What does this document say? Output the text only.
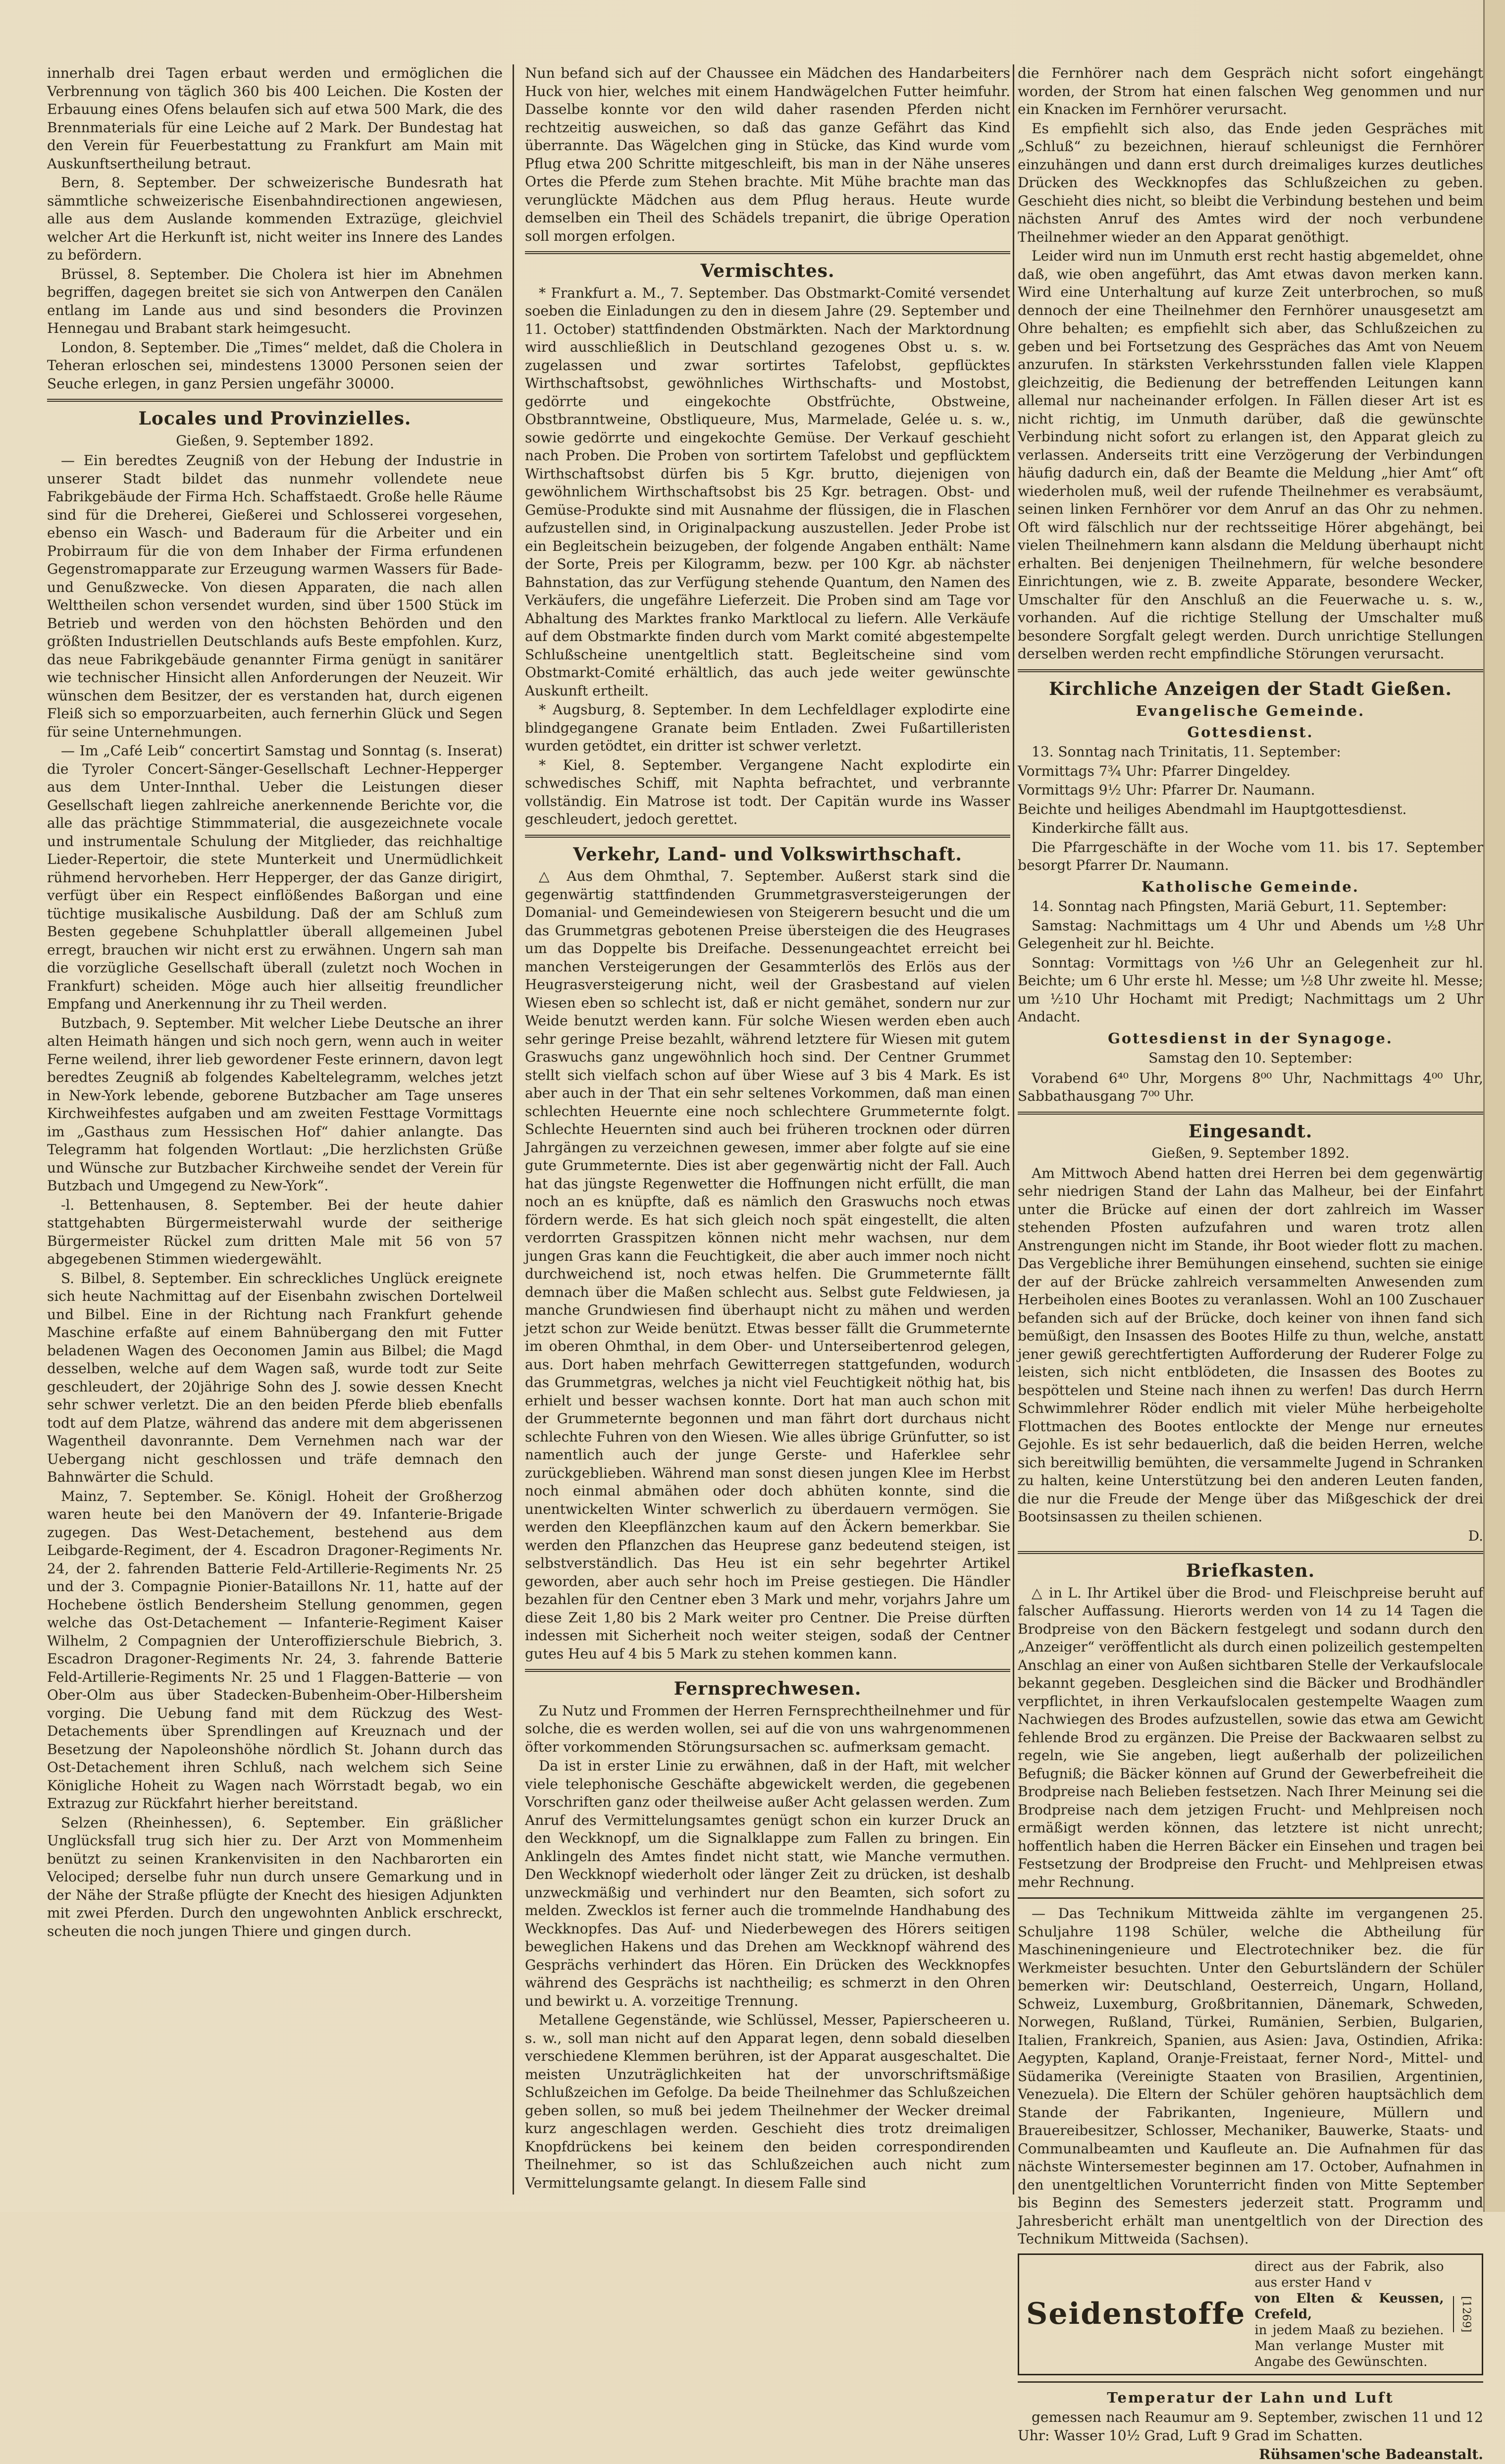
innerhalb drei Tagen erbaut werden und ermöglichen die Verbrennung von täglich 360 bis 400 Leichen. Die Kosten der Erbauung eines Ofens belaufen sich auf etwa 500 Mark, die des Brennmaterials für eine Leiche auf 2 Mark. Der Bundestag hat den Verein für Feuerbestattung zu Frankfurt am Main mit Auskunftsertheilung betraut.

Bern, 8. September. Der schweizerische Bundesrath hat sämmtliche schweizerische Eisenbahndirectionen angewiesen, alle aus dem Auslande kommenden Extrazüge, gleichviel welcher Art die Herkunft ist, nicht weiter ins Innere des Landes zu befördern.

Brüssel, 8. September. Die Cholera ist hier im Abnehmen begriffen, dagegen breitet sie sich von Antwerpen den Canälen entlang im Lande aus und sind besonders die Provinzen Hennegau und Brabant stark heimgesucht.

London, 8. September. Die „Times“ meldet, daß die Cholera in Teheran erloschen sei, mindestens 13000 Personen seien der Seuche erlegen, in ganz Persien ungefähr 30000.

Locales und Provinzielles.
Gießen, 9. September 1892.

— Ein beredtes Zeugniß von der Hebung der Industrie in unserer Stadt bildet das nunmehr vollendete neue Fabrikgebäude der Firma Hch. Schaffstaedt. Große helle Räume sind für die Dreherei, Gießerei und Schlosserei vorgesehen, ebenso ein Wasch- und Baderaum für die Arbeiter und ein Probirraum für die von dem Inhaber der Firma erfundenen Gegenstromapparate zur Erzeugung warmen Wassers für Bade- und Genußzwecke. Von diesen Apparaten, die nach allen Welttheilen schon versendet wurden, sind über 1500 Stück im Betrieb und werden von den höchsten Behörden und den größten Industriellen Deutschlands aufs Beste empfohlen. Kurz, das neue Fabrikgebäude genannter Firma genügt in sanitärer wie technischer Hinsicht allen Anforderungen der Neuzeit. Wir wünschen dem Besitzer, der es verstanden hat, durch eigenen Fleiß sich so emporzuarbeiten, auch fernerhin Glück und Segen für seine Unternehmungen.

— Im „Café Leib“ concertirt Samstag und Sonntag (s. Inserat) die Tyroler Concert-Sänger-Gesellschaft Lechner-Hepperger aus dem Unter-Innthal. Ueber die Leistungen dieser Gesellschaft liegen zahlreiche anerkennende Berichte vor, die alle das prächtige Stimmmaterial, die ausgezeichnete vocale und instrumentale Schulung der Mitglieder, das reichhaltige Lieder-Repertoir, die stete Munterkeit und Unermüdlichkeit rühmend hervorheben. Herr Hepperger, der das Ganze dirigirt, verfügt über ein Respect einflößendes Baßorgan und eine tüchtige musikalische Ausbildung. Daß der am Schluß zum Besten gegebene Schuhplattler überall allgemeinen Jubel erregt, brauchen wir nicht erst zu erwähnen. Ungern sah man die vorzügliche Gesellschaft überall (zuletzt noch Wochen in Frankfurt) scheiden. Möge auch hier allseitig freundlicher Empfang und Anerkennung ihr zu Theil werden.

Butzbach, 9. September. Mit welcher Liebe Deutsche an ihrer alten Heimath hängen und sich noch gern, wenn auch in weiter Ferne weilend, ihrer lieb gewordener Feste erinnern, davon legt beredtes Zeugniß ab folgendes Kabeltelegramm, welches jetzt in New-York lebende, geborene Butzbacher am Tage unseres Kirchweihfestes aufgaben und am zweiten Festtage Vormittags im „Gasthaus zum Hessischen Hof“ dahier anlangte. Das Telegramm hat folgenden Wortlaut: „Die herzlichsten Grüße und Wünsche zur Butzbacher Kirchweihe sendet der Verein für Butzbach und Umgegend zu New-York“.

-l. Bettenhausen, 8. September. Bei der heute dahier stattgehabten Bürgermeisterwahl wurde der seitherige Bürgermeister Rückel zum dritten Male mit 56 von 57 abgegebenen Stimmen wiedergewählt.

S. Bilbel, 8. September. Ein schreckliches Unglück ereignete sich heute Nachmittag auf der Eisenbahn zwischen Dortelweil und Bilbel. Eine in der Richtung nach Frankfurt gehende Maschine erfaßte auf einem Bahnübergang den mit Futter beladenen Wagen des Oeconomen Jamin aus Bilbel; die Magd desselben, welche auf dem Wagen saß, wurde todt zur Seite geschleudert, der 20jährige Sohn des J. sowie dessen Knecht sehr schwer verletzt. Die an den beiden Pferde blieb ebenfalls todt auf dem Platze, während das andere mit dem abgerissenen Wagentheil davonrannte. Dem Vernehmen nach war der Uebergang nicht geschlossen und träfe demnach den Bahnwärter die Schuld.

Mainz, 7. September. Se. Königl. Hoheit der Großherzog waren heute bei den Manövern der 49. Infanterie-Brigade zugegen. Das West-Detachement, bestehend aus dem Leibgarde-Regiment, der 4. Escadron Dragoner-Regiments Nr. 24, der 2. fahrenden Batterie Feld-Artillerie-Regiments Nr. 25 und der 3. Compagnie Pionier-Bataillons Nr. 11, hatte auf der Hochebene östlich Bendersheim Stellung genommen, gegen welche das Ost-Detachement — Infanterie-Regiment Kaiser Wilhelm, 2 Compagnien der Unteroffizierschule Biebrich, 3. Escadron Dragoner-Regiments Nr. 24, 3. fahrende Batterie Feld-Artillerie-Regiments Nr. 25 und 1 Flaggen-Batterie — von Ober-Olm aus über Stadecken-Bubenheim-Ober-Hilbersheim vorging. Die Uebung fand mit dem Rückzug des West-Detachements über Sprendlingen auf Kreuznach und der Besetzung der Napoleonshöhe nördlich St. Johann durch das Ost-Detachement ihren Schluß, nach welchem sich Seine Königliche Hoheit zu Wagen nach Wörrstadt begab, wo ein Extrazug zur Rückfahrt hierher bereitstand.

Selzen (Rheinhessen), 6. September. Ein gräßlicher Unglücksfall trug sich hier zu. Der Arzt von Mommenheim benützt zu seinen Krankenvisiten in den Nachbarorten ein Velociped; derselbe fuhr nun durch unsere Gemarkung und in der Nähe der Straße pflügte der Knecht des hiesigen Adjunkten mit zwei Pferden. Durch den ungewohnten Anblick erschreckt, scheuten die noch jungen Thiere und gingen durch.

Nun befand sich auf der Chaussee ein Mädchen des Handarbeiters Huck von hier, welches mit einem Handwägelchen Futter heimfuhr. Dasselbe konnte vor den wild daher rasenden Pferden nicht rechtzeitig ausweichen, so daß das ganze Gefährt das Kind überrannte. Das Wägelchen ging in Stücke, das Kind wurde vom Pflug etwa 200 Schritte mitgeschleift, bis man in der Nähe unseres Ortes die Pferde zum Stehen brachte. Mit Mühe brachte man das verunglückte Mädchen aus dem Pflug heraus. Heute wurde demselben ein Theil des Schädels trepanirt, die übrige Operation soll morgen erfolgen.

Vermischtes.

* Frankfurt a. M., 7. September. Das Obstmarkt-Comité versendet soeben die Einladungen zu den in diesem Jahre (29. September und 11. October) stattfindenden Obstmärkten. Nach der Marktordnung wird ausschließlich in Deutschland gezogenes Obst u. s. w. zugelassen und zwar sortirtes Tafelobst, gepflücktes Wirthschaftsobst, gewöhnliches Wirthschafts- und Mostobst, gedörrte und eingekochte Obstfrüchte, Obstweine, Obstbranntweine, Obstliqueure, Mus, Marmelade, Gelée u. s. w., sowie gedörrte und eingekochte Gemüse. Der Verkauf geschieht nach Proben. Die Proben von sortirtem Tafelobst und gepflücktem Wirthschaftsobst dürfen bis 5 Kgr. brutto, diejenigen von gewöhnlichem Wirthschaftsobst bis 25 Kgr. betragen. Obst- und Gemüse-Produkte sind mit Ausnahme der flüssigen, die in Flaschen aufzustellen sind, in Originalpackung auszustellen. Jeder Probe ist ein Begleitschein beizugeben, der folgende Angaben enthält: Name der Sorte, Preis per Kilogramm, bezw. per 100 Kgr. ab nächster Bahnstation, das zur Verfügung stehende Quantum, den Namen des Verkäufers, die ungefähre Lieferzeit. Die Proben sind am Tage vor Abhaltung des Marktes franko Marktlocal zu liefern. Alle Verkäufe auf dem Obstmarkte finden durch vom Markt comité abgestempelte Schlußscheine unentgeltlich statt. Begleitscheine sind vom Obstmarkt-Comité erhältlich, das auch jede weiter gewünschte Auskunft ertheilt.

* Augsburg, 8. September. In dem Lechfeldlager explodirte eine blindgegangene Granate beim Entladen. Zwei Fußartilleristen wurden getödtet, ein dritter ist schwer verletzt.

* Kiel, 8. September. Vergangene Nacht explodirte ein schwedisches Schiff, mit Naphta befrachtet, und verbrannte vollständig. Ein Matrose ist todt. Der Capitän wurde ins Wasser geschleudert, jedoch gerettet.

Verkehr, Land- und Volkswirthschaft.

△ Aus dem Ohmthal, 7. September. Außerst stark sind die gegenwärtig stattfindenden Grummetgrasversteigerungen der Domanial- und Gemeindewiesen von Steigerern besucht und die um das Grummetgras gebotenen Preise übersteigen die des Heugrases um das Doppelte bis Dreifache. Dessenungeachtet erreicht bei manchen Versteigerungen der Gesammterlös des Erlös aus der Heugrasversteigerung nicht, weil der Grasbestand auf vielen Wiesen eben so schlecht ist, daß er nicht gemähet, sondern nur zur Weide benutzt werden kann. Für solche Wiesen werden eben auch sehr geringe Preise bezahlt, während letztere für Wiesen mit gutem Graswuchs ganz ungewöhnlich hoch sind. Der Centner Grummet stellt sich vielfach schon auf über Wiese auf 3 bis 4 Mark. Es ist aber auch in der That ein sehr seltenes Vorkommen, daß man einen schlechten Heuernte eine noch schlechtere Grummeternte folgt. Schlechte Heuernten sind auch bei früheren trocknen oder dürren Jahrgängen zu verzeichnen gewesen, immer aber folgte auf sie eine gute Grummeternte. Dies ist aber gegenwärtig nicht der Fall. Auch hat das jüngste Regenwetter die Hoffnungen nicht erfüllt, die man noch an es knüpfte, daß es nämlich den Graswuchs noch etwas fördern werde. Es hat sich gleich noch spät eingestellt, die alten verdorrten Grasspitzen können nicht mehr wachsen, nur dem jungen Gras kann die Feuchtigkeit, die aber auch immer noch nicht durchweichend ist, noch etwas helfen. Die Grummeternte fällt demnach über die Maßen schlecht aus. Selbst gute Feldwiesen, ja manche Grundwiesen find überhaupt nicht zu mähen und werden jetzt schon zur Weide benützt. Etwas besser fällt die Grummeternte im oberen Ohmthal, in dem Ober- und Unterseibertenrod gelegen, aus. Dort haben mehrfach Gewitterregen stattgefunden, wodurch das Grummetgras, welches ja nicht viel Feuchtigkeit nöthig hat, bis erhielt und besser wachsen konnte. Dort hat man auch schon mit der Grummeternte begonnen und man fährt dort durchaus nicht schlechte Fuhren von den Wiesen. Wie alles übrige Grünfutter, so ist namentlich auch der junge Gerste- und Haferklee sehr zurückgeblieben. Während man sonst diesen jungen Klee im Herbst noch einmal abmähen oder doch abhüten konnte, sind die unentwickelten Winter schwerlich zu überdauern vermögen. Sie werden den Kleepflänzchen kaum auf den Äckern bemerkbar. Sie werden den Pflanzchen das Heuprese ganz bedeutend steigen, ist selbstverständlich. Das Heu ist ein sehr begehrter Artikel geworden, aber auch sehr hoch im Preise gestiegen. Die Händler bezahlen für den Centner eben 3 Mark und mehr, vorjahrs Jahre um diese Zeit 1,80 bis 2 Mark weiter pro Centner. Die Preise dürften indessen mit Sicherheit noch weiter steigen, sodaß der Centner gutes Heu auf 4 bis 5 Mark zu stehen kommen kann.

Fernsprechwesen.

Zu Nutz und Frommen der Herren Fernsprechtheilnehmer und für solche, die es werden wollen, sei auf die von uns wahrgenommenen öfter vorkommenden Störungsursachen sc. aufmerksam gemacht.

Da ist in erster Linie zu erwähnen, daß in der Haft, mit welcher viele telephonische Geschäfte abgewickelt werden, die gegebenen Vorschriften ganz oder theilweise außer Acht gelassen werden. Zum Anruf des Vermittelungsamtes genügt schon ein kurzer Druck an den Weckknopf, um die Signalklappe zum Fallen zu bringen. Ein Anklingeln des Amtes findet nicht statt, wie Manche vermuthen. Den Weckknopf wiederholt oder länger Zeit zu drücken, ist deshalb unzweckmäßig und verhindert nur den Beamten, sich sofort zu melden. Zwecklos ist ferner auch die trommelnde Handhabung des Weckknopfes. Das Auf- und Niederbewegen des Hörers seitigen beweglichen Hakens und das Drehen am Weckknopf während des Gesprächs verhindert das Hören. Ein Drücken des Weckknopfes während des Gesprächs ist nachtheilig; es schmerzt in den Ohren und bewirkt u. A. vorzeitige Trennung.

Metallene Gegenstände, wie Schlüssel, Messer, Papierscheeren u. s. w., soll man nicht auf den Apparat legen, denn sobald dieselben verschiedene Klemmen berühren, ist der Apparat ausgeschaltet. Die meisten Unzuträglichkeiten hat der unvorschriftsmäßige Schlußzeichen im Gefolge. Da beide Theilnehmer das Schlußzeichen geben sollen, so muß bei jedem Theilnehmer der Wecker dreimal kurz angeschlagen werden. Geschieht dies trotz dreimaligen Knopfdrückens bei keinem den beiden correspondirenden Theilnehmer, so ist das Schlußzeichen auch nicht zum Vermittelungsamte gelangt. In diesem Falle sind

die Fernhörer nach dem Gespräch nicht sofort eingehängt worden, der Strom hat einen falschen Weg genommen und nur ein Knacken im Fernhörer verursacht.

Es empfiehlt sich also, das Ende jeden Gespräches mit „Schluß“ zu bezeichnen, hierauf schleunigst die Fernhörer einzuhängen und dann erst durch dreimaliges kurzes deutliches Drücken des Weckknopfes das Schlußzeichen zu geben. Geschieht dies nicht, so bleibt die Verbindung bestehen und beim nächsten Anruf des Amtes wird der noch verbundene Theilnehmer wieder an den Apparat genöthigt.

Leider wird nun im Unmuth erst recht hastig abgemeldet, ohne daß, wie oben angeführt, das Amt etwas davon merken kann. Wird eine Unterhaltung auf kurze Zeit unterbrochen, so muß dennoch der eine Theilnehmer den Fernhörer unausgesetzt am Ohre behalten; es empfiehlt sich aber, das Schlußzeichen zu geben und bei Fortsetzung des Gespräches das Amt von Neuem anzurufen. In stärksten Verkehrsstunden fallen viele Klappen gleichzeitig, die Bedienung der betreffenden Leitungen kann allemal nur nacheinander erfolgen. In Fällen dieser Art ist es nicht richtig, im Unmuth darüber, daß die gewünschte Verbindung nicht sofort zu erlangen ist, den Apparat gleich zu verlassen. Anderseits tritt eine Verzögerung der Verbindungen häufig dadurch ein, daß der Beamte die Meldung „hier Amt“ oft wiederholen muß, weil der rufende Theilnehmer es verabsäumt, seinen linken Fernhörer vor dem Anruf an das Ohr zu nehmen. Oft wird fälschlich nur der rechtsseitige Hörer abgehängt, bei vielen Theilnehmern kann alsdann die Meldung überhaupt nicht erhalten. Bei denjenigen Theilnehmern, für welche besondere Einrichtungen, wie z. B. zweite Apparate, besondere Wecker, Umschalter für den Anschluß an die Feuerwache u. s. w., vorhanden. Auf die richtige Stellung der Umschalter muß besondere Sorgfalt gelegt werden. Durch unrichtige Stellungen derselben werden recht empfindliche Störungen verursacht.

Kirchliche Anzeigen der Stadt Gießen.
Evangelische Gemeinde.
Gottesdienst.

13. Sonntag nach Trinitatis, 11. September:

Vormittags 7¾ Uhr: Pfarrer Dingeldey.

Vormittags 9½ Uhr: Pfarrer Dr. Naumann.

Beichte und heiliges Abendmahl im Hauptgottesdienst.

Kinderkirche fällt aus.

Die Pfarrgeschäfte in der Woche vom 11. bis 17. September besorgt Pfarrer Dr. Naumann.

Katholische Gemeinde.

14. Sonntag nach Pfingsten, Mariä Geburt, 11. September:

Samstag: Nachmittags um 4 Uhr und Abends um ½8 Uhr Gelegenheit zur hl. Beichte.

Sonntag: Vormittags von ½6 Uhr an Gelegenheit zur hl. Beichte; um 6 Uhr erste hl. Messe; um ½8 Uhr zweite hl. Messe; um ½10 Uhr Hochamt mit Predigt; Nachmittags um 2 Uhr Andacht.

Gottesdienst in der Synagoge.
Samstag den 10. September:

Vorabend 6⁴⁰ Uhr, Morgens 8⁰⁰ Uhr, Nachmittags 4⁰⁰ Uhr, Sabbathausgang 7⁰⁰ Uhr.

Eingesandt.
Gießen, 9. September 1892.

Am Mittwoch Abend hatten drei Herren bei dem gegenwärtig sehr niedrigen Stand der Lahn das Malheur, bei der Einfahrt unter die Brücke auf einen der dort zahlreich im Wasser stehenden Pfosten aufzufahren und waren trotz allen Anstrengungen nicht im Stande, ihr Boot wieder flott zu machen. Das Vergebliche ihrer Bemühungen einsehend, suchten sie einige der auf der Brücke zahlreich versammelten Anwesenden zum Herbeiholen eines Bootes zu veranlassen. Wohl an 100 Zuschauer befanden sich auf der Brücke, doch keiner von ihnen fand sich bemüßigt, den Insassen des Bootes Hilfe zu thun, welche, anstatt jener gewiß gerechtfertigten Aufforderung der Ruderer Folge zu leisten, sich nicht entblödeten, die Insassen des Bootes zu bespöttelen und Steine nach ihnen zu werfen! Das durch Herrn Schwimmlehrer Röder endlich mit vieler Mühe herbeigeholte Flottmachen des Bootes entlockte der Menge nur erneutes Gejohle. Es ist sehr bedauerlich, daß die beiden Herren, welche sich bereitwillig bemühten, die versammelte Jugend in Schranken zu halten, keine Unterstützung bei den anderen Leuten fanden, die nur die Freude der Menge über das Mißgeschick der drei Bootsinsassen zu theilen schienen.

D.
Briefkasten.

△ in L. Ihr Artikel über die Brod- und Fleischpreise beruht auf falscher Auffassung. Hierorts werden von 14 zu 14 Tagen die Brodpreise von den Bäckern festgelegt und sodann durch den „Anzeiger“ veröffentlicht als durch einen polizeilich gestempelten Anschlag an einer von Außen sichtbaren Stelle der Verkaufslocale bekannt gegeben. Desgleichen sind die Bäcker und Brodhändler verpflichtet, in ihren Verkaufslocalen gestempelte Waagen zum Nachwiegen des Brodes aufzustellen, sowie das etwa am Gewicht fehlende Brod zu ergänzen. Die Preise der Backwaaren selbst zu regeln, wie Sie angeben, liegt außerhalb der polizeilichen Befugniß; die Bäcker können auf Grund der Gewerbefreiheit die Brodpreise nach Belieben festsetzen. Nach Ihrer Meinung sei die Brodpreise nach dem jetzigen Frucht- und Mehlpreisen noch ermäßigt werden können, das letztere ist nicht unrecht; hoffentlich haben die Herren Bäcker ein Einsehen und tragen bei Festsetzung der Brodpreise den Frucht- und Mehlpreisen etwas mehr Rechnung.

— Das Technikum Mittweida zählte im vergangenen 25. Schuljahre 1198 Schüler, welche die Abtheilung für Maschineningenieure und Electrotechniker bez. die für Werkmeister besuchten. Unter den Geburtsländern der Schüler bemerken wir: Deutschland, Oesterreich, Ungarn, Holland, Schweiz, Luxemburg, Großbritannien, Dänemark, Schweden, Norwegen, Rußland, Türkei, Rumänien, Serbien, Bulgarien, Italien, Frankreich, Spanien, aus Asien: Java, Ostindien, Afrika: Aegypten, Kapland, Oranje-Freistaat, ferner Nord-, Mittel- und Südamerika (Vereinigte Staaten von Brasilien, Argentinien, Venezuela). Die Eltern der Schüler gehören hauptsächlich dem Stande der Fabrikanten, Ingenieure, Müllern und Brauereibesitzer, Schlosser, Mechaniker, Bauwerke, Staats- und Communalbeamten und Kaufleute an. Die Aufnahmen für das nächste Wintersemester beginnen am 17. October, Aufnahmen in den unentgeltlichen Vorunterricht finden von Mitte September bis Beginn des Semesters jederzeit statt. Programm und Jahresbericht erhält man unentgeltlich von der Direction des Technikum Mittweida (Sachsen).

Seidenstoffe
direct aus der Fabrik, also aus erster Hand v
von Elten & Keussen, Crefeld,
in jedem Maaß zu beziehen. Man verlange Muster mit Angabe des Gewünschten.
[1269]
Temperatur der Lahn und Luft

gemessen nach Reaumur am 9. September, zwischen 11 und 12 Uhr: Wasser 10½ Grad, Luft 9 Grad im Schatten.

Rühsamen'sche Badeanstalt.
